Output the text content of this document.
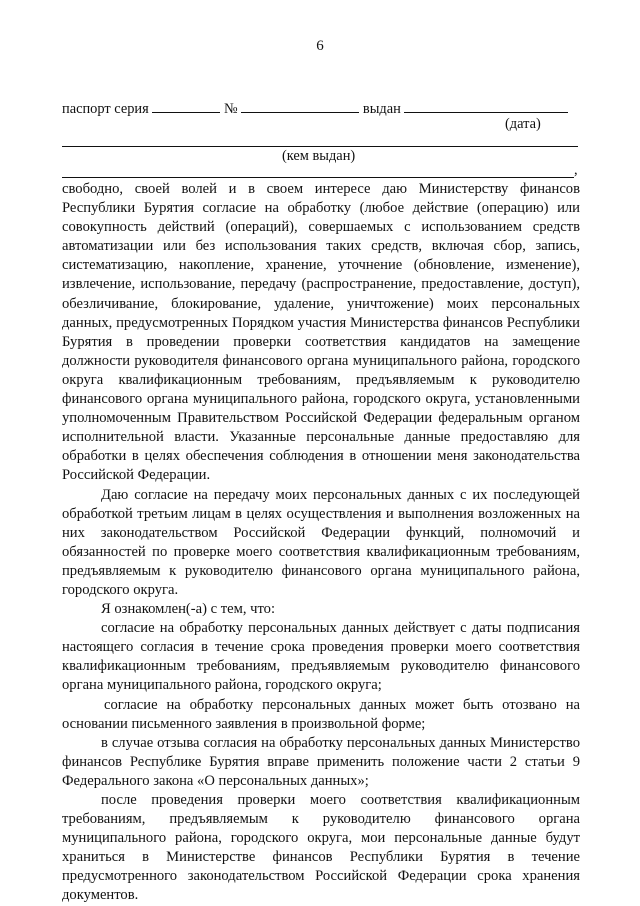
6
паспорт серия	№	выдан
(дата)
(кем выдан)
,

свободно, своей волей и в своем интересе даю Министерству финансов Республики Бурятия согласие на обработку (любое действие (операцию) или совокупность действий (операций), совершаемых с использованием средств автоматизации или без использования таких средств, включая сбор, запись, систематизацию, накопление, хранение, уточнение (обновление, изменение), извлечение, использование, передачу (распространение, предоставление, доступ), обезличивание, блокирование, удаление, уничтожение) моих персональных данных, предусмотренных Порядком участия Министерства финансов Республики Бурятия в проведении проверки соответствия кандидатов на замещение должности руководителя финансового органа муниципального района, городского округа квалификационным требованиям, предъявляемым к руководителю финансового органа муниципального района, городского округа, установленными уполномоченным Правительством Российской Федерации федеральным органом исполнительной власти. Указанные персональные данные предоставляю для обработки в целях обеспечения соблюдения в отношении меня законодательства Российской Федерации.

Даю согласие на передачу моих персональных данных с их последующей обработкой третьим лицам в целях осуществления и выполнения возложенных на них законодательством Российской Федерации функций, полномочий и обязанностей по проверке моего соответствия квалификационным требованиям, предъявляемым к руководителю финансового органа муниципального района, городского округа.

Я ознакомлен(-а) с тем, что:

согласие на обработку персональных данных действует с даты подписания настоящего согласия в течение срока проведения проверки моего соответствия квалификационным требованиям, предъявляемым руководителю финансового органа муниципального района, городского округа;

согласие на обработку персональных данных может быть отозвано на основании письменного заявления в произвольной форме;

в случае отзыва согласия на обработку персональных данных Министерство финансов Республике Бурятия вправе применить положение части 2 статьи 9 Федерального закона «О персональных данных»;

после проведения проверки моего соответствия квалификационным требованиям, предъявляемым к руководителю финансового органа муниципального района, городского округа, мои персональные данные будут храниться в Министерстве финансов Республики Бурятия в течение предусмотренного законодательством Российской Федерации срока хранения документов.
